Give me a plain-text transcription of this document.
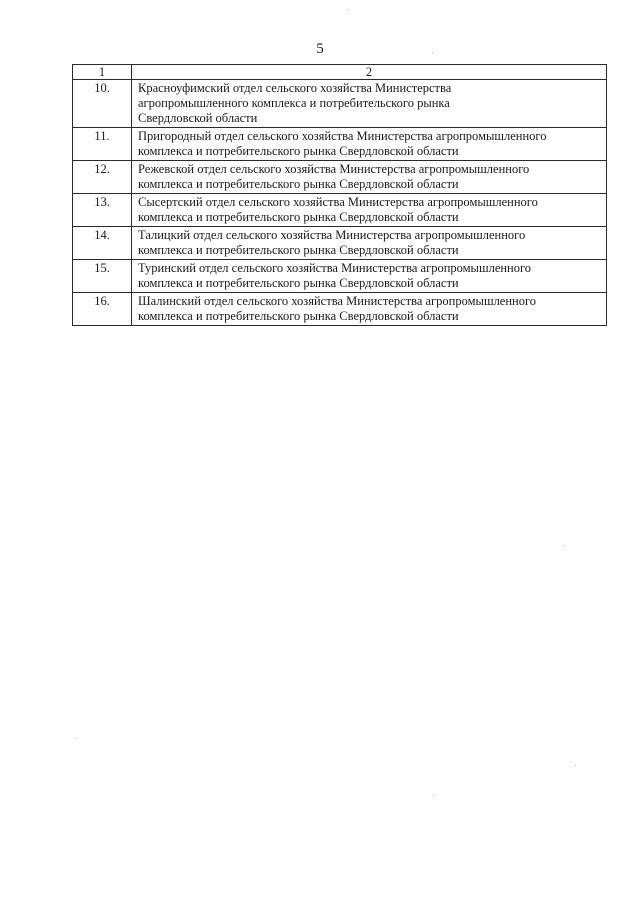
5
1	2
10.	Красноуфимский отдел сельского хозяйства Министерства
агропромышленного комплекса и потребительского рынка
Свердловской области

11.	Пригородный отдел сельского хозяйства Министерства агропромышленного
комплекса и потребительского рынка Свердловской области

12.	Режевской отдел сельского хозяйства Министерства агропромышленного
комплекса и потребительского рынка Свердловской области

13.	Сысертский отдел сельского хозяйства Министерства агропромышленного
комплекса и потребительского рынка Свердловской области

14.	Талицкий отдел сельского хозяйства Министерства агропромышленного
комплекса и потребительского рынка Свердловской области

15.	Туринский отдел сельского хозяйства Министерства агропромышленного
комплекса и потребительского рынка Свердловской области

16.	Шалинский отдел сельского хозяйства Министерства агропромышленного
комплекса и потребительского рынка Свердловской области
